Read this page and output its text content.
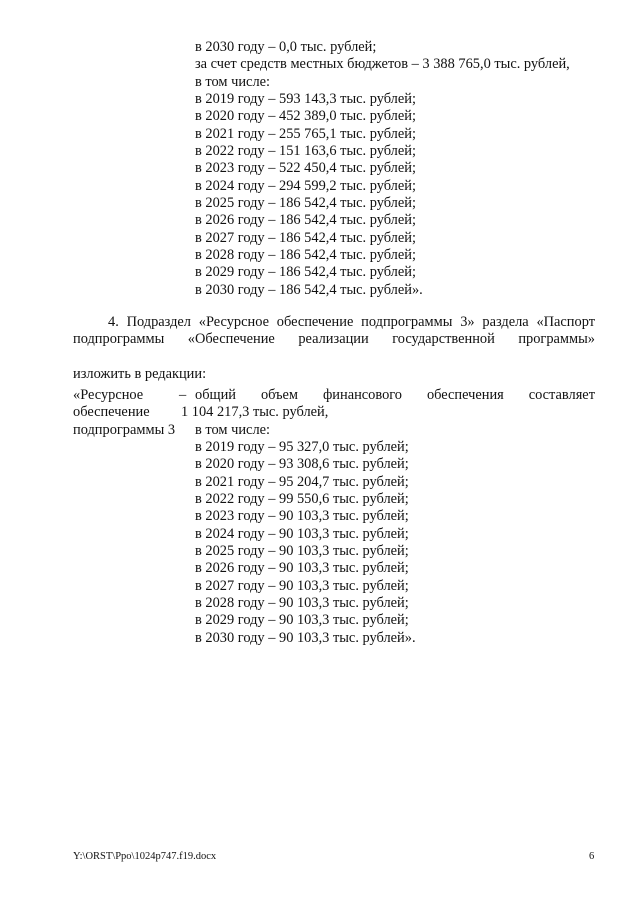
в 2030 году – 0,0 тыс. рублей;
за счет средств местных бюджетов – 3 388 765,0 тыс. рублей,
в том числе:
в 2019 году – 593 143,3 тыс. рублей;
в 2020 году – 452 389,0 тыс. рублей;
в 2021 году – 255 765,1 тыс. рублей;
в 2022 году – 151 163,6 тыс. рублей;
в 2023 году – 522 450,4 тыс. рублей;
в 2024 году – 294 599,2 тыс. рублей;
в 2025 году – 186 542,4 тыс. рублей;
в 2026 году – 186 542,4 тыс. рублей;
в 2027 году – 186 542,4 тыс. рублей;
в 2028 году – 186 542,4 тыс. рублей;
в 2029 году – 186 542,4 тыс. рублей;
в 2030 году – 186 542,4 тыс. рублей».
4. Подраздел «Ресурсное обеспечение подпрограммы 3» раздела «Паспорт
подпрограммы «Обеспечение реализации государственной программы»
изложить в редакции:
«Ресурсное
обеспечение
подпрограммы 3
– общий объем финансового обеспечения составляет
1 104 217,3 тыс. рублей,
в том числе:
в 2019 году – 95 327,0 тыс. рублей;
в 2020 году – 93 308,6 тыс. рублей;
в 2021 году – 95 204,7 тыс. рублей;
в 2022 году – 99 550,6 тыс. рублей;
в 2023 году – 90 103,3 тыс. рублей;
в 2024 году – 90 103,3 тыс. рублей;
в 2025 году – 90 103,3 тыс. рублей;
в 2026 году – 90 103,3 тыс. рублей;
в 2027 году – 90 103,3 тыс. рублей;
в 2028 году – 90 103,3 тыс. рублей;
в 2029 году – 90 103,3 тыс. рублей;
в 2030 году – 90 103,3 тыс. рублей».
Y:\ORST\Ppo\1024p747.f19.docx	6
